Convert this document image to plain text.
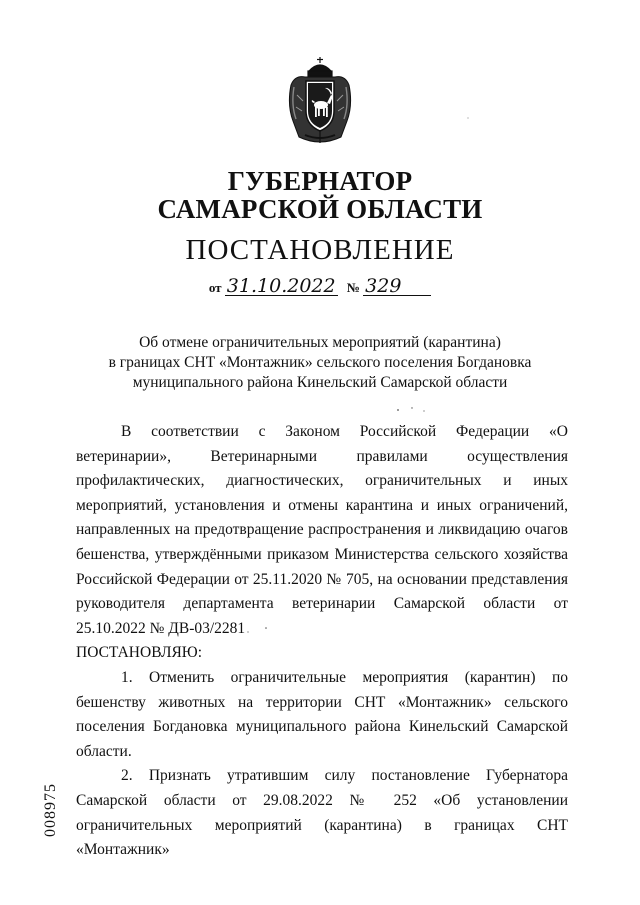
ГУБЕРНАТОР
САМАРСКОЙ ОБЛАСТИ
ПОСТАНОВЛЕНИЕ
от 31.10.2022 № 329
Об отмене ограничительных мероприятий (карантина)
в границах СНТ «Монтажник» сельского поселения Богдановка
муниципального района Кинельский Самарской области

В соответствии с Законом Российской Федерации «О ветеринарии», Ветеринарными правилами осуществления профилактических, диагностических, ограничительных и иных мероприятий, установления и отмены карантина и иных ограничений, направленных на предотвращение распространения и ликвидацию очагов бешенства, утверждёнными приказом Министерства сельского хозяйства Российской Федерации от 25.11.2020 № 705, на основании представления руководителя департамента ветеринарии Самарской области от 25.10.2022 № ДВ-03/2281

ПОСТАНОВЛЯЮ:

1. Отменить ограничительные мероприятия (карантин) по бешенству животных на территории СНТ «Монтажник» сельского поселения Богдановка муниципального района Кинельский Самарской области.

2. Признать утратившим силу постановление Губернатора Самарской области от 29.08.2022 № 252 «Об установлении ограничительных мероприятий (карантина) в границах СНТ «Монтажник»

008975
